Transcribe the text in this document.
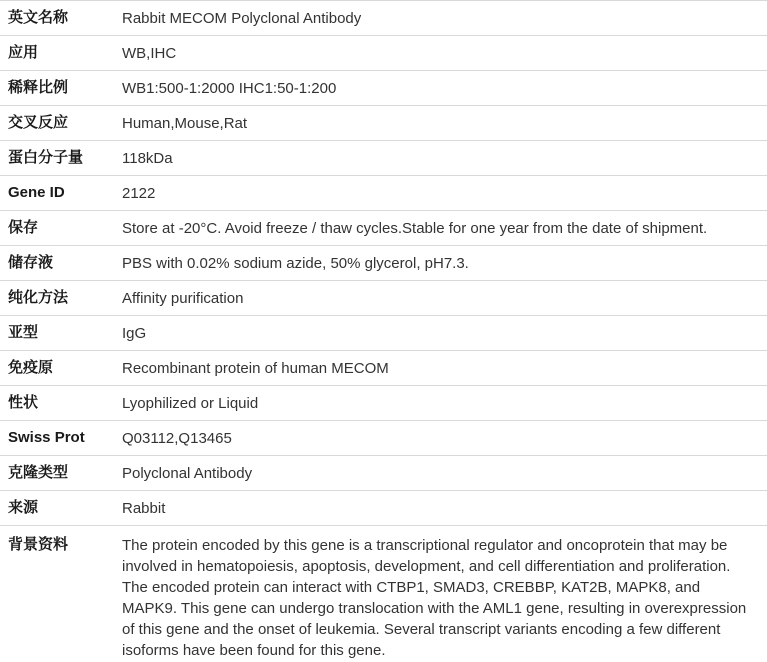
英文名称	Rabbit MECOM Polyclonal Antibody
应用	WB,IHC
稀释比例	WB1:500-1:2000 IHC1:50-1:200
交叉反应	Human,Mouse,Rat
蛋白分子量	118kDa
Gene ID	2122
保存	Store at -20°C. Avoid freeze / thaw cycles.Stable for one year from the date of shipment.
储存液	PBS with 0.02% sodium azide, 50% glycerol, pH7.3.
纯化方法	Affinity purification
亚型	IgG
免疫原	Recombinant protein of human MECOM
性状	Lyophilized or Liquid
Swiss Prot	Q03112,Q13465
克隆类型	Polyclonal Antibody
来源	Rabbit
背景资料	The protein encoded by this gene is a transcriptional regulator and oncoprotein that may be involved in hematopoiesis, apoptosis, development, and cell differentiation and proliferation. The encoded protein can interact with CTBP1, SMAD3, CREBBP, KAT2B, MAPK8, and MAPK9. This gene can undergo translocation with the AML1 gene, resulting in overexpression of this gene and the onset of leukemia. Several transcript variants encoding a few different isoforms have been found for this gene.
